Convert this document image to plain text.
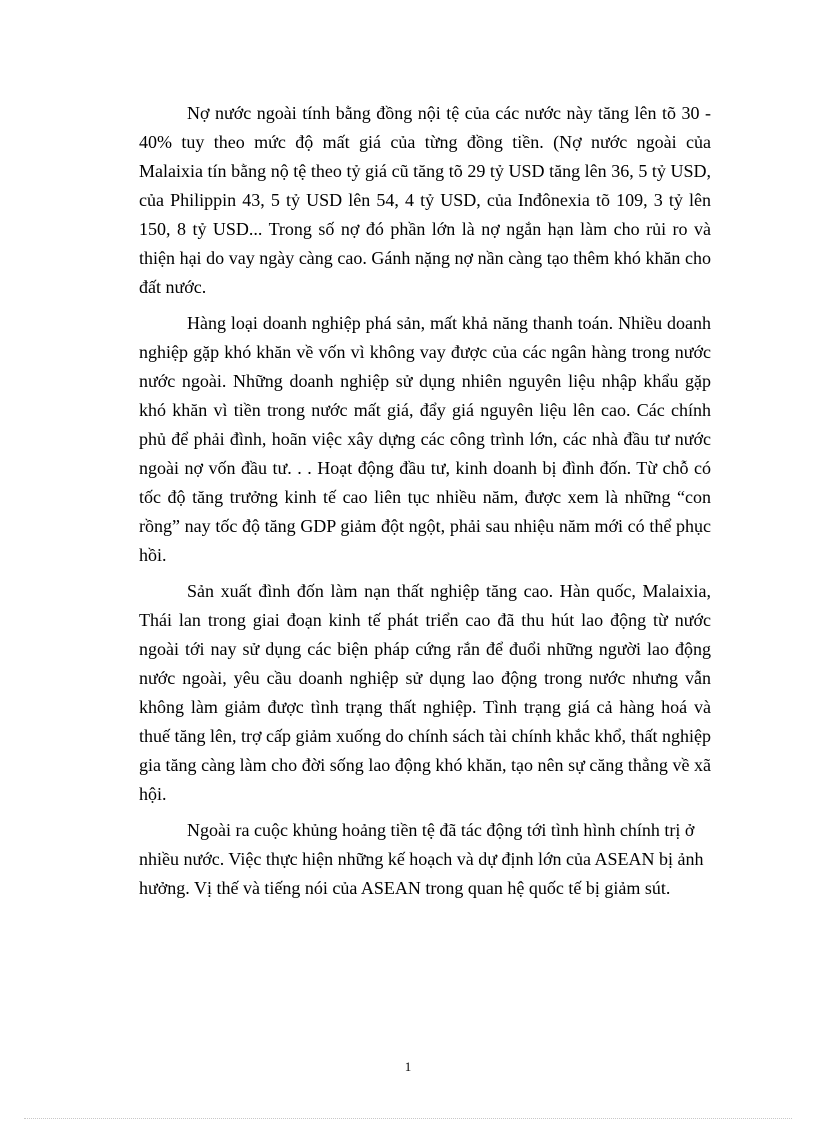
Nợ nước ngoài tính bằng đồng nội tệ của các nước này tăng lên tõ 30 - 40% tuy theo mức độ mất giá của từng đồng tiền. (Nợ nước ngoài của Malaixia tín bằng nộ tệ theo tỷ giá cũ tăng tõ 29 tỷ USD tăng lên 36, 5 tỷ USD, của Philippin 43, 5 tỷ USD lên 54, 4 tỷ USD, của Inđônexia tõ 109, 3 tỷ lên 150, 8 tỷ USD... Trong số nợ đó phần lớn là nợ ngắn hạn làm cho rủi ro và thiện hại do vay ngày càng cao. Gánh nặng nợ nần càng tạo thêm khó khăn cho đất nước.

Hàng loại doanh nghiệp phá sản, mất khả năng thanh toán. Nhiều doanh nghiệp gặp khó khăn về vốn vì không vay được của các ngân hàng trong nước nước ngoài. Những doanh nghiệp sử dụng nhiên nguyên liệu nhập khẩu gặp khó khăn vì tiền trong nước mất giá, đẩy giá nguyên liệu lên cao. Các chính phủ để phải đình, hoãn việc xây dựng các công trình lớn, các nhà đầu tư nước ngoài nợ vốn đầu tư. . . Hoạt động đầu tư, kinh doanh bị đình đốn. Từ chỗ có tốc độ tăng trưởng kinh tế cao liên tục nhiều năm, được xem là những “con rồng” nay tốc độ tăng GDP giảm đột ngột, phải sau nhiệu năm mới có thể phục hồi.

Sản xuất đình đốn làm nạn thất nghiệp tăng cao. Hàn quốc, Malaixia, Thái lan trong giai đoạn kinh tế phát triển cao đã thu hút lao động từ nước ngoài tới nay sử dụng các biện pháp cứng rắn để đuổi những người lao động nước ngoài, yêu cầu doanh nghiệp sử dụng lao động trong nước nhưng vẫn không làm giảm được tình trạng thất nghiệp. Tình trạng giá cả hàng hoá và thuế tăng lên, trợ cấp giảm xuống do chính sách tài chính khắc khổ, thất nghiệp gia tăng càng làm cho đời sống lao động khó khăn, tạo nên sự căng thẳng về xã hội.

Ngoài ra cuộc khủng hoảng tiền tệ đã tác động tới tình hình chính trị ở nhiều nước. Việc thực hiện những kế hoạch và dự định lớn của ASEAN bị ảnh hưởng. Vị thế và tiếng nói của ASEAN trong quan hệ quốc tế bị giảm sút.

1
